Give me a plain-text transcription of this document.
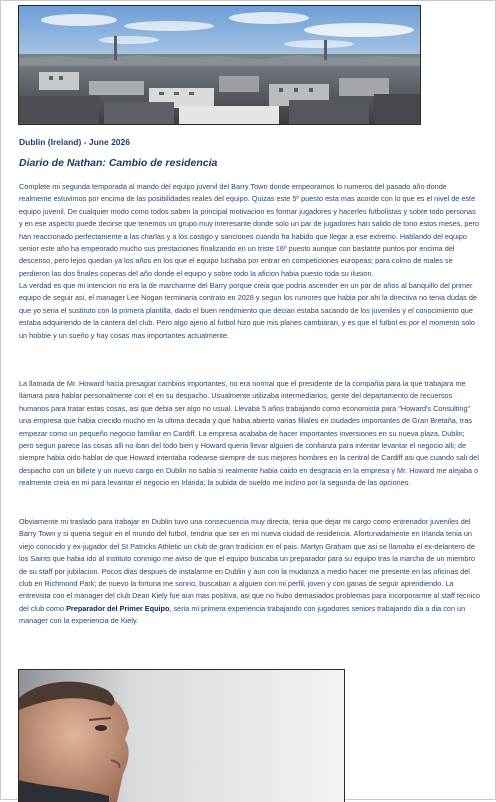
Dublin (Ireland) - June 2026
Diario de Nathan: Cambio de residencia

Complete mi segunda temporada al mando del equipo juvenil del Barry Town donde empeoramos lo numeros del pasado año donde realmente estuvimos por encima de las posibilidades reales del equipo. Quizas este 5º puesto esta mas acorde con lo que es el nivel de este equipo juvenil. De cualquier modo como todos saben la principal motivacion es formar jugadores y hacerles futbolistas y sobre todo personas y en ese aspecto puede decirse que tenemos un grupo muy interesante donde solo un par de jugadores han salido de tono estos meses, pero han reaccionado perfectamente a las charlas y a los castigo y sanciones cuando ha habido que llegar a ese extremo. Hablando del equipo senior este año ha empeorado mucho sus prestaciones finalizando en un triste 16º puesto aunque con bastante puntos por encima del descenso, pero lejos quedan ya los años en los que el equipo luchaba por entrar en competiciones europeas; para colmo de males se perdieron las dos finales coperas del año donde el equipo y sobre todo la aficion habia puesto toda su ilusion.

La verdad es que mi intencion no era la de marcharme del Barry porque creia que podria ascender en un par de años al banquillo del primer equipo de seguir asi, el manager Lee Nogan terminaria contrato en 2028 y segun los rumores que habia por ahi la directiva no tenia dudas de que yo seria el sustituto con la primera plantilla, dado el buen rendimiento que decian estaba sacando de los juveniles y el conocimiento que estaba adquiriendo de la cantera del club. Pero algo ajeno al futbol hizo que mis planes cambiaran, y es que el futbol es por el momento solo un hobbie y un sueño y hay cosas mas importantes actualmente.

La llamada de Mr. Howard hacia presagiar cambios importantes, no era normal que el presidente de la compañia para la que trabajara me llamara para hablar personalmente con el en su despacho. Usualmente utilizaba intermediarios, gente del departamento de recuersos humanos para tratar estas cosas, asi que debia ser algo no usual. Llevaba 5 años trabajando como economista para "Howard's Consulting" una empresa que habia crecido mucho en la ultima decada y que habia abierto varias filiales en ciudades importantes de Gran Bretaña, tras empezar como un pequeño negocio familiar en Cardiff. La empresa acababa de hacer importantes inversiones en su nueva plaza, Dublin; pero segun parece las cosas alli no iban del todo bien y Howard queria llevar alguien de confianza para intentar levantar el negocio alli; de siempre habia oido hablar de que Howard intentaba rodearse siempre de sus mejores hombres en la central de Cardiff asi que cuando sali del despacho con un billete y un nuevo cargo en Dublin no sabia si realmente habia caido en desgracia en la empresa y Mr. Howard me alejaba o realmente creia en mi para levantar el negocio en Irlanda; la subida de sueldo me inclino por la segunda de las opciones.

Obviamente mi traslado para trabajar en Dublin tuvo una consecuencia muy directa, tenia que dejar mi cargo como entrenador juveniles del Barry Town y si queria seguir en el mundo del futbol, tendria que ser en mi nueva ciudad de residencia. Afortunadamente en Irlanda tenia un viejo conocido y ex-jugador del St Patricks Athletic un club de gran tradicion en el pais. Martyn Graham que asi se llamaba el ex-delantero de los Saints que habia ido al instituto conmigo me aviso de que el equipo buscaba un preparador para su equipo tras la marcha de un miembro de su staff por jubilacion. Pocos dias despues de instalarme en Dublin y aun con la mudanza a medio hacer me presente en las oficinas del club en Richmond Park; de nuevo la fortuna me sonrio, buscaban a alguien con mi perfil, joven y con ganas de seguir aprendiendo. La entrevista con el manager del club Dean Kiely fue aun mas positiva, asi que no hubo demasiados problemas para incorporarme al staff tecnico del club como Preparador del Primer Equipo, seria mi primera experiencia trabajando con jugadores seniors trabajando dia a dia con un manager con la experiencia de Kiely.
